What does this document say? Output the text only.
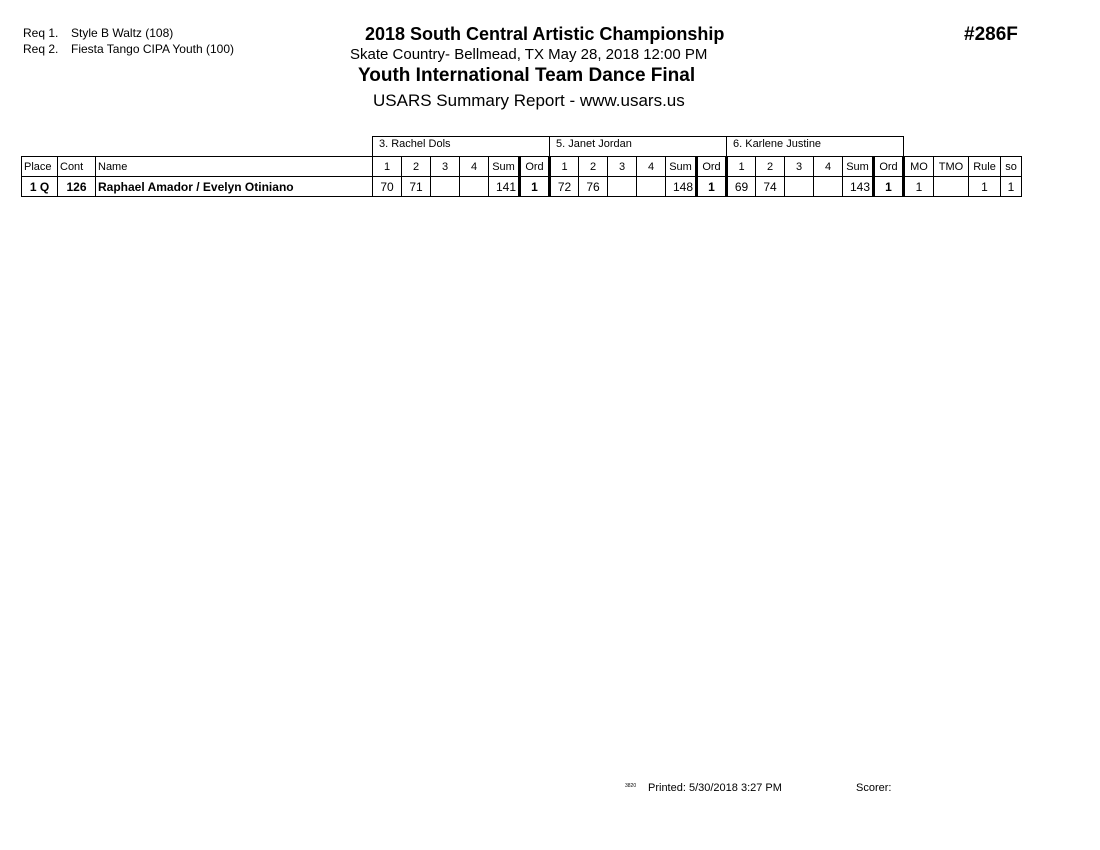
Req 1. Style B Waltz (108)
Req 2. Fiesta Tango CIPA Youth (100)
2018 South Central Artistic Championship
Skate Country- Bellmead, TX May 28, 2018 12:00 PM
Youth International Team Dance Final
USARS Summary Report - www.usars.us
#286F
			3. Rachel Dols						5. Janet Jordan						6. Karlene Justine									
Place	Cont	Name	1	2	3	4	Sum	Ord	1	2	3	4	Sum	Ord	1	2	3	4	Sum	Ord	MO	TMO	Rule	so
1 Q	126	Raphael Amador / Evelyn Otiniano	70	71			141	1	72	76			148	1	69	74			143	1	1		1	1
3820 Printed: 5/30/2018 3:27 PM	Scorer:
